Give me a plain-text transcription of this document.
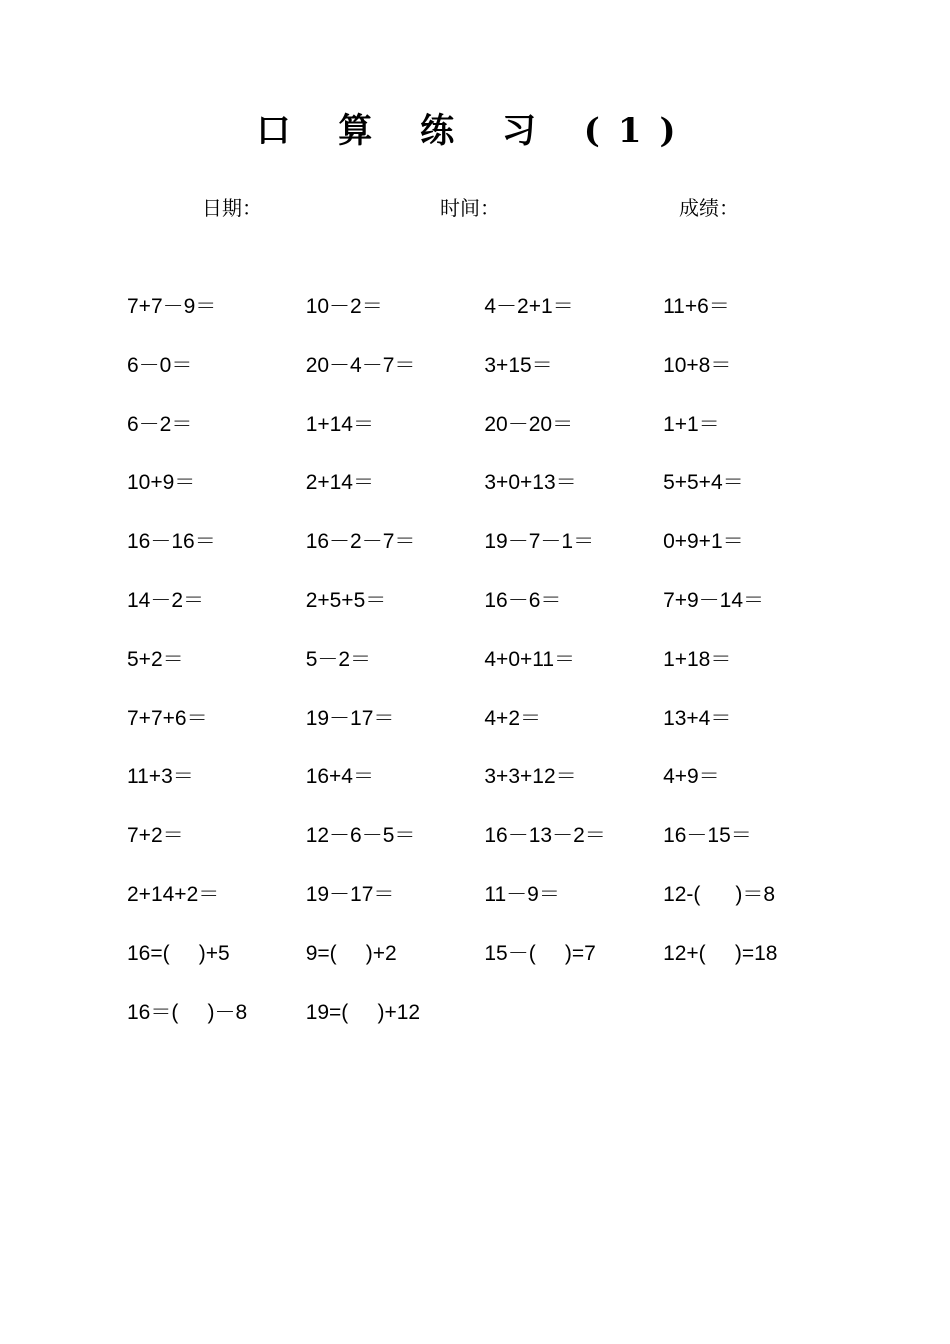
口 算 练 习 (1)
日期：	时间：	成绩：
7+7－9＝	10－2＝	4－2+1＝	11+6＝
6－0＝	20－4－7＝	3+15＝	10+8＝
6－2＝	1+14＝	20－20＝	1+1＝
10+9＝	2+14＝	3+0+13＝	5+5+4＝
16－16＝	16－2－7＝	19－7－1＝	0+9+1＝
14－2＝	2+5+5＝	16－6＝	7+9－14＝
5+2＝	5－2＝	4+0+11＝	1+18＝
7+7+6＝	19－17＝	4+2＝	13+4＝
11+3＝	16+4＝	3+3+12＝	4+9＝
7+2＝	12－6－5＝	16－13－2＝	16－15＝
2+14+2＝	19－17＝	11－9＝	12-(      )＝8
16=(     )+5	9=(     )+2	15－(     )=7	12+(     )=18
16＝(     )－8	19=(     )+12
